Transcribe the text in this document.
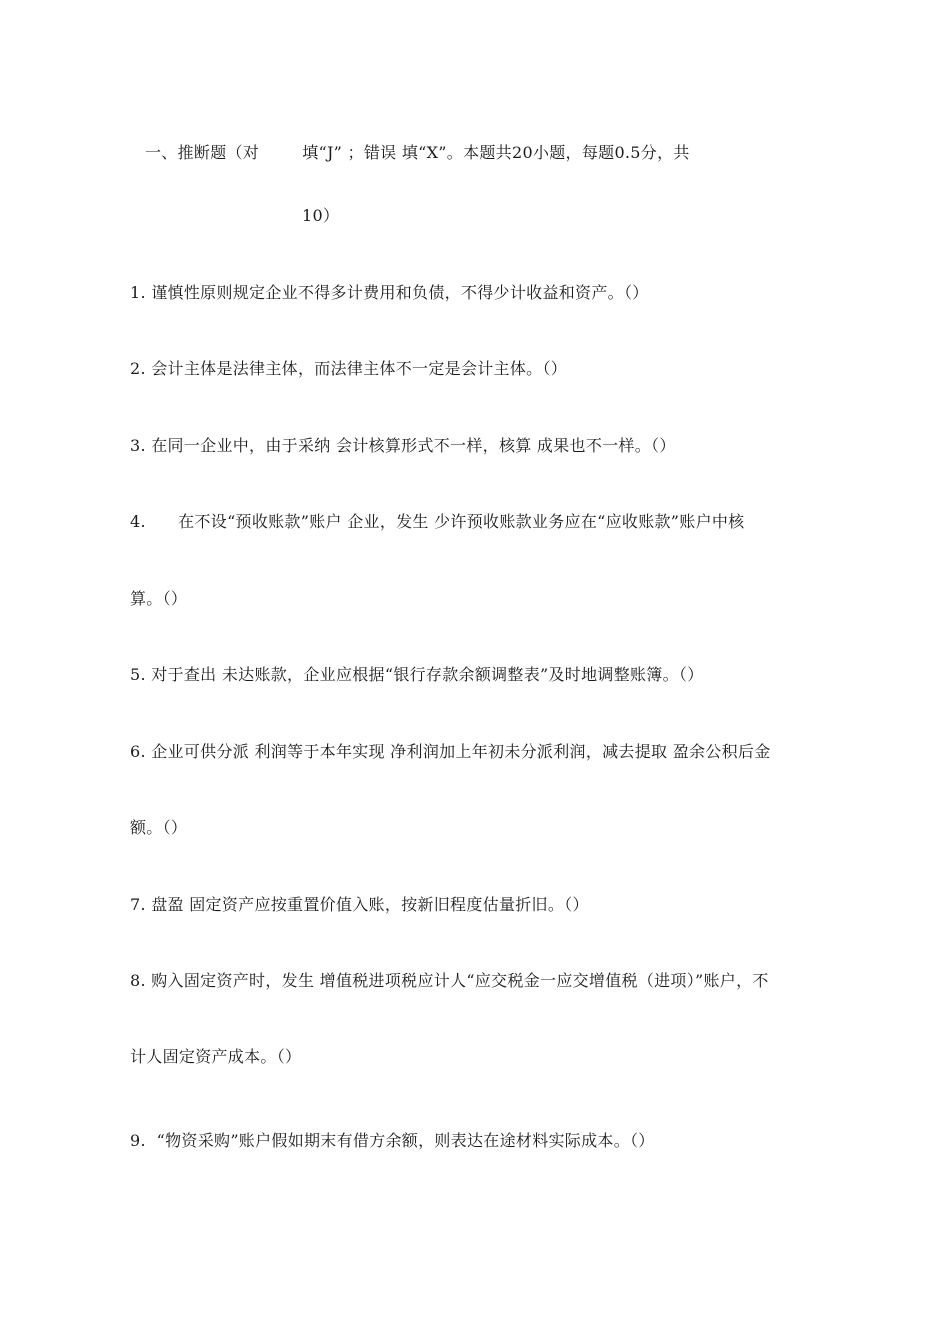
一、推断题（对        填“J” ；错误 填“X”。本题共20小题，每题0.5分，共
10）
1. 谨慎性原则规定企业不得多计费用和负债，不得少计收益和资产。（）
2. 会计主体是法律主体，而法律主体不一定是会计主体。（）
3. 在同一企业中，由于采纳 会计核算形式不一样，核算 成果也不一样。（）
4.      在不设“预收账款”账户 企业，发生 少许预收账款业务应在“应收账款”账户中核
算。（）
5. 对于查出 未达账款，企业应根据“银行存款余额调整表”及时地调整账簿。（）
6. 企业可供分派 利润等于本年实现 净利润加上年初未分派利润，减去提取 盈余公积后金
额。（）
7. 盘盈 固定资产应按重置价值入账，按新旧程度估量折旧。（）
8. 购入固定资产时，发生 增值税进项税应计人“应交税金一应交增值税（进项）”账户，不
计人固定资产成本。（）
9.  “物资采购”账户假如期末有借方余额，则表达在途材料实际成本。（）
